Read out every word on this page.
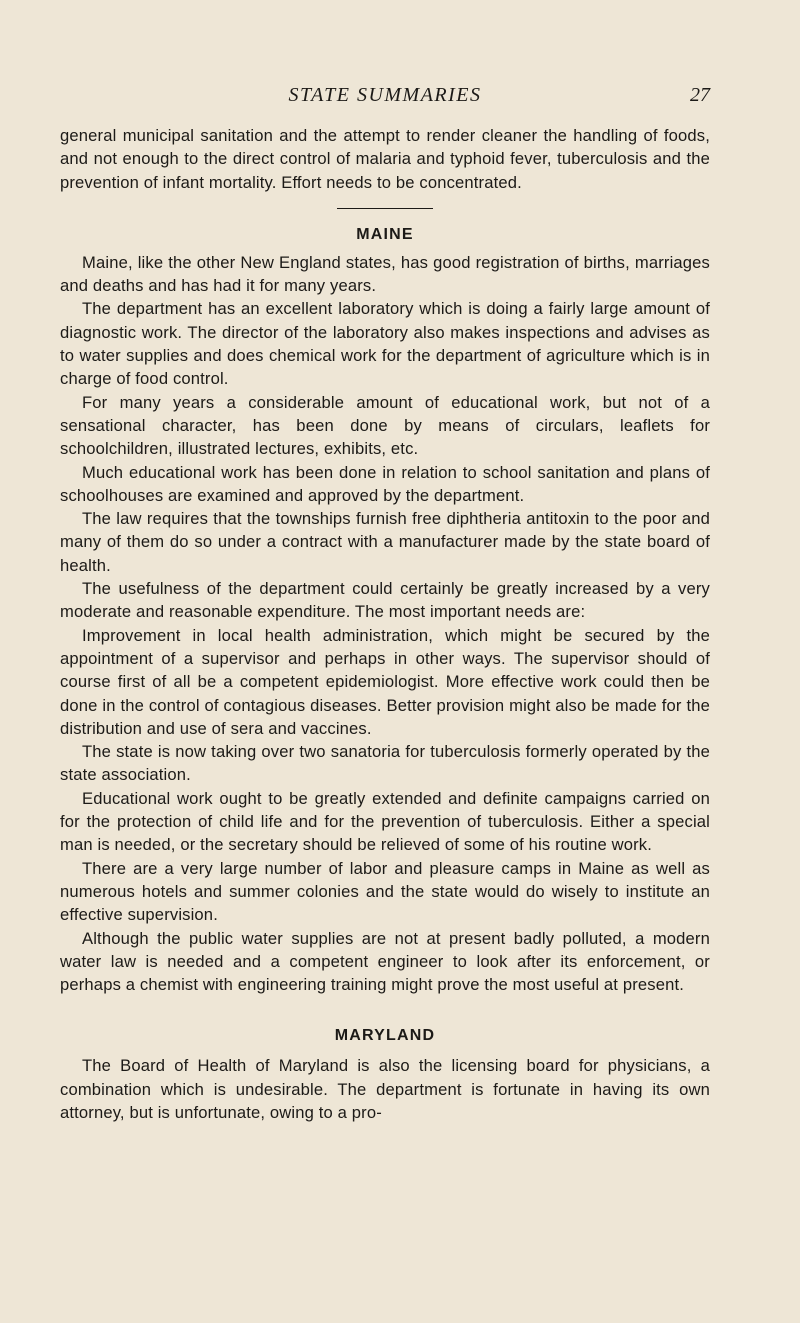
STATE SUMMARIES	27

general municipal sanitation and the attempt to render cleaner the handling of foods, and not enough to the direct control of malaria and typhoid fever, tuberculosis and the prevention of infant mortality. Effort needs to be concentrated.

MAINE

Maine, like the other New England states, has good registration of births, marriages and deaths and has had it for many years.

The department has an excellent laboratory which is doing a fairly large amount of diagnostic work. The director of the laboratory also makes inspections and advises as to water supplies and does chemical work for the department of agriculture which is in charge of food control.

For many years a considerable amount of educational work, but not of a sensational character, has been done by means of circulars, leaflets for schoolchildren, illustrated lectures, exhibits, etc.

Much educational work has been done in relation to school sanitation and plans of schoolhouses are examined and approved by the department.

The law requires that the townships furnish free diphtheria antitoxin to the poor and many of them do so under a contract with a manufacturer made by the state board of health.

The usefulness of the department could certainly be greatly increased by a very moderate and reasonable expenditure. The most important needs are:

Improvement in local health administration, which might be secured by the appointment of a supervisor and perhaps in other ways. The supervisor should of course first of all be a competent epidemiologist. More effective work could then be done in the control of contagious diseases. Better provision might also be made for the distribution and use of sera and vaccines.

The state is now taking over two sanatoria for tuberculosis formerly operated by the state association.

Educational work ought to be greatly extended and definite campaigns carried on for the protection of child life and for the prevention of tuberculosis. Either a special man is needed, or the secretary should be relieved of some of his routine work.

There are a very large number of labor and pleasure camps in Maine as well as numerous hotels and summer colonies and the state would do wisely to institute an effective supervision.

Although the public water supplies are not at present badly polluted, a modern water law is needed and a competent engineer to look after its enforcement, or perhaps a chemist with engineering training might prove the most useful at present.

MARYLAND

The Board of Health of Maryland is also the licensing board for physicians, a combination which is undesirable. The department is fortunate in having its own attorney, but is unfortunate, owing to a pro-
